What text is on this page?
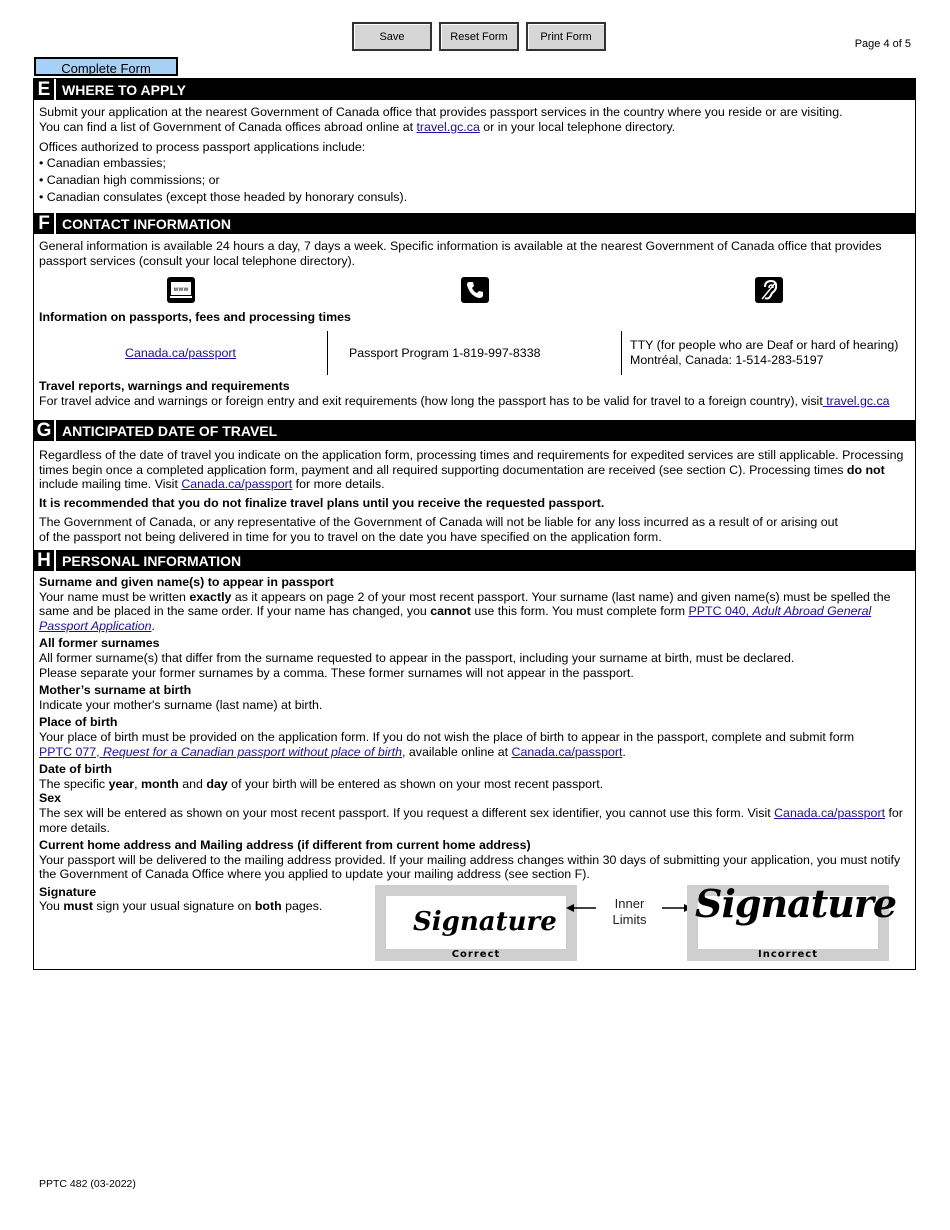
Save	Reset Form	Print Form
Page 4 of 5
Complete Form
E WHERE TO APPLY
Submit your application at the nearest Government of Canada office that provides passport services in the country where you reside or are visiting.
You can find a list of Government of Canada offices abroad online at travel.gc.ca or in your local telephone directory.
Offices authorized to process passport applications include:
• Canadian embassies;
• Canadian high commissions; or
• Canadian consulates (except those headed by honorary consuls).
F CONTACT INFORMATION
General information is available 24 hours a day, 7 days a week. Specific information is available at the nearest Government of Canada office that provides passport services (consult your local telephone directory).
www
Information on passports, fees and processing times
Canada.ca/passport	Passport Program 1-819-997-8338
TTY (for people who are Deaf or hard of hearing)
Montréal, Canada: 1-514-283-5197
Travel reports, warnings and requirements
For travel advice and warnings or foreign entry and exit requirements (how long the passport has to be valid for travel to a foreign country), visit travel.gc.ca
G ANTICIPATED DATE OF TRAVEL
Regardless of the date of travel you indicate on the application form, processing times and requirements for expedited services are still applicable. Processing times begin once a completed application form, payment and all required supporting documentation are received (see section C). Processing times do not include mailing time. Visit Canada.ca/passport for more details.
It is recommended that you do not finalize travel plans until you receive the requested passport.
The Government of Canada, or any representative of the Government of Canada will not be liable for any loss incurred as a result of or arising out
of the passport not being delivered in time for you to travel on the date you have specified on the application form.
H PERSONAL INFORMATION
Surname and given name(s) to appear in passport
Your name must be written exactly as it appears on page 2 of your most recent passport. Your surname (last name) and given name(s) must be spelled the same and be placed in the same order. If your name has changed, you cannot use this form. You must complete form PPTC 040, Adult Abroad General Passport Application.
All former surnames
All former surname(s) that differ from the surname requested to appear in the passport, including your surname at birth, must be declared.
Please separate your former surnames by a comma. These former surnames will not appear in the passport.
Mother’s surname at birth
Indicate your mother's surname (last name) at birth.
Place of birth
Your place of birth must be provided on the application form. If you do not wish the place of birth to appear in the passport, complete and submit form
PPTC 077, Request for a Canadian passport without place of birth, available online at Canada.ca/passport.
Date of birth
The specific year, month and day of your birth will be entered as shown on your most recent passport.
Sex
The sex will be entered as shown on your most recent passport. If you request a different sex identifier, you cannot use this form. Visit Canada.ca/passport for more details.
Current home address and Mailing address (if different from current home address)
Your passport will be delivered to the mailing address provided. If your mailing address changes within 30 days of submitting your application, you must notify the Government of Canada Office where you applied to update your mailing address (see section F).
Signature
You must sign your usual signature on both pages.
Signature
Correct
Inner
Limits	Signature
Incorrect
PPTC 482 (03-2022)
